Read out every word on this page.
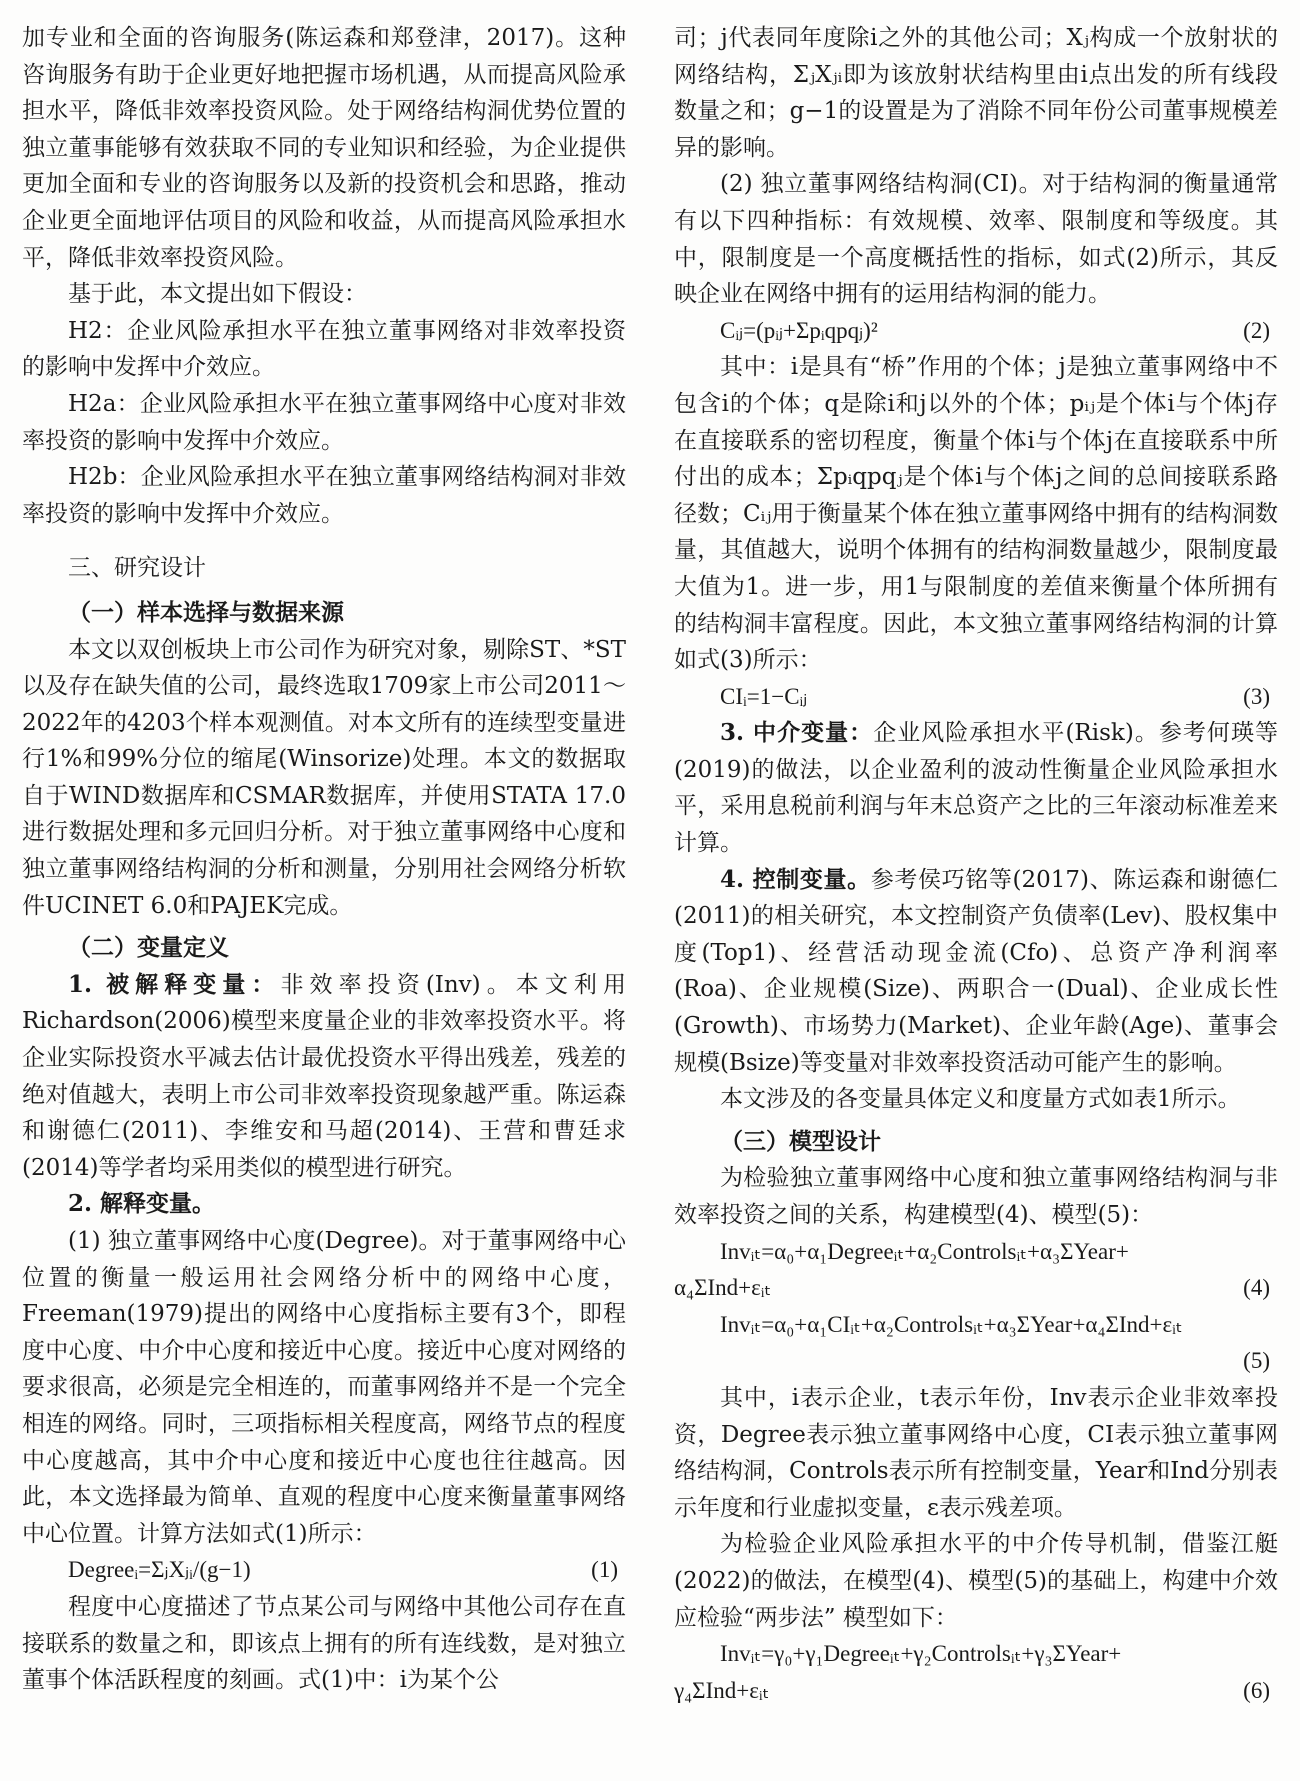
加专业和全面的咨询服务(陈运森和郑登津，2017)。这种咨询服务有助于企业更好地把握市场机遇，从而提高风险承担水平，降低非效率投资风险。处于网络结构洞优势位置的独立董事能够有效获取不同的专业知识和经验，为企业提供更加全面和专业的咨询服务以及新的投资机会和思路，推动企业更全面地评估项目的风险和收益，从而提高风险承担水平，降低非效率投资风险。

基于此，本文提出如下假设：

H2：企业风险承担水平在独立董事网络对非效率投资的影响中发挥中介效应。

H2a：企业风险承担水平在独立董事网络中心度对非效率投资的影响中发挥中介效应。

H2b：企业风险承担水平在独立董事网络结构洞对非效率投资的影响中发挥中介效应。

三、研究设计
（一）样本选择与数据来源

本文以双创板块上市公司作为研究对象，剔除ST、*ST以及存在缺失值的公司，最终选取1709家上市公司2011～2022年的4203个样本观测值。对本文所有的连续型变量进行1%和99%分位的缩尾(Winsorize)处理。本文的数据取自于WIND数据库和CSMAR数据库，并使用STATA 17.0进行数据处理和多元回归分析。对于独立董事网络中心度和独立董事网络结构洞的分析和测量，分别用社会网络分析软件UCINET 6.0和PAJEK完成。

（二）变量定义

1. 被解释变量：非效率投资(Inv)。本文利用Richardson(2006)模型来度量企业的非效率投资水平。将企业实际投资水平减去估计最优投资水平得出残差，残差的绝对值越大，表明上市公司非效率投资现象越严重。陈运森和谢德仁(2011)、李维安和马超(2014)、王营和曹廷求(2014)等学者均采用类似的模型进行研究。

2. 解释变量。

(1) 独立董事网络中心度(Degree)。对于董事网络中心位置的衡量一般运用社会网络分析中的网络中心度，Freeman(1979)提出的网络中心度指标主要有3个，即程度中心度、中介中心度和接近中心度。接近中心度对网络的要求很高，必须是完全相连的，而董事网络并不是一个完全相连的网络。同时，三项指标相关程度高，网络节点的程度中心度越高，其中介中心度和接近中心度也往往越高。因此，本文选择最为简单、直观的程度中心度来衡量董事网络中心位置。计算方法如式(1)所示：

Degreeᵢ=ΣⱼXⱼᵢ/(g−1)	(1)

程度中心度描述了节点某公司与网络中其他公司存在直接联系的数量之和，即该点上拥有的所有连线数，是对独立董事个体活跃程度的刻画。式(1)中：i为某个公

司；j代表同年度除i之外的其他公司；Xⱼ构成一个放射状的网络结构，ΣⱼXⱼᵢ即为该放射状结构里由i点出发的所有线段数量之和；g−1的设置是为了消除不同年份公司董事规模差异的影响。

(2) 独立董事网络结构洞(CI)。对于结构洞的衡量通常有以下四种指标：有效规模、效率、限制度和等级度。其中，限制度是一个高度概括性的指标，如式(2)所示，其反映企业在网络中拥有的运用结构洞的能力。

Cᵢⱼ=(pᵢⱼ+Σpᵢqpqⱼ)²	(2)

其中：i是具有“桥”作用的个体；j是独立董事网络中不包含i的个体；q是除i和j以外的个体；pᵢⱼ是个体i与个体j存在直接联系的密切程度，衡量个体i与个体j在直接联系中所付出的成本；Σpᵢqpqⱼ是个体i与个体j之间的总间接联系路径数；Cᵢⱼ用于衡量某个体在独立董事网络中拥有的结构洞数量，其值越大，说明个体拥有的结构洞数量越少，限制度最大值为1。进一步，用1与限制度的差值来衡量个体所拥有的结构洞丰富程度。因此，本文独立董事网络结构洞的计算如式(3)所示：

CIᵢ=1−Cᵢⱼ	(3)

3. 中介变量：企业风险承担水平(Risk)。参考何瑛等(2019)的做法，以企业盈利的波动性衡量企业风险承担水平，采用息税前利润与年末总资产之比的三年滚动标准差来计算。

4. 控制变量。参考侯巧铭等(2017)、陈运森和谢德仁(2011)的相关研究，本文控制资产负债率(Lev)、股权集中度(Top1)、经营活动现金流(Cfo)、总资产净利润率(Roa)、企业规模(Size)、两职合一(Dual)、企业成长性(Growth)、市场势力(Market)、企业年龄(Age)、董事会规模(Bsize)等变量对非效率投资活动可能产生的影响。

本文涉及的各变量具体定义和度量方式如表1所示。

（三）模型设计

为检验独立董事网络中心度和独立董事网络结构洞与非效率投资之间的关系，构建模型(4)、模型(5)：

Invᵢₜ=α₀+α₁Degreeᵢₜ+α₂Controlsᵢₜ+α₃ΣYear+
α₄ΣInd+εᵢₜ	(4)
Invᵢₜ=α₀+α₁CIᵢₜ+α₂Controlsᵢₜ+α₃ΣYear+α₄ΣInd+εᵢₜ
(5)

其中，i表示企业，t表示年份，Inv表示企业非效率投资，Degree表示独立董事网络中心度，CI表示独立董事网络结构洞，Controls表示所有控制变量，Year和Ind分别表示年度和行业虚拟变量，ε表示残差项。

为检验企业风险承担水平的中介传导机制，借鉴江艇(2022)的做法，在模型(4)、模型(5)的基础上，构建中介效应检验“两步法” 模型如下：

Invᵢₜ=γ₀+γ₁Degreeᵢₜ+γ₂Controlsᵢₜ+γ₃ΣYear+
γ₄ΣInd+εᵢₜ	(6)
